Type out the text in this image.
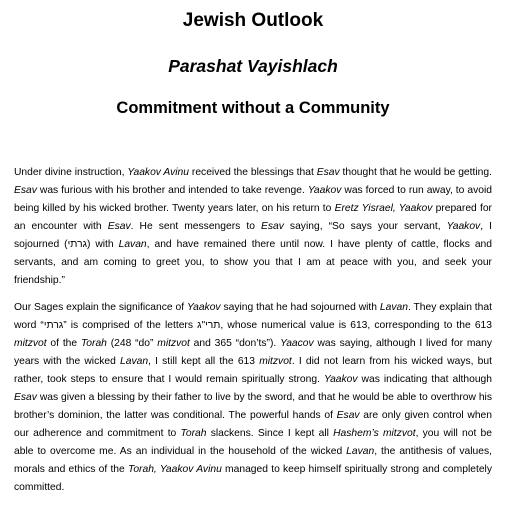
Jewish Outlook
Parashat Vayishlach
Commitment without a Community

Under divine instruction, Yaakov Avinu received the blessings that Esav thought that he would be getting. Esav was furious with his brother and intended to take revenge. Yaakov was forced to run away, to avoid being killed by his wicked brother. Twenty years later, on his return to Eretz Yisrael, Yaakov prepared for an encounter with Esav. He sent messengers to Esav saying, “So says your servant, Yaakov, I sojourned (גרתי) with Lavan, and have remained there until now. I have plenty of cattle, flocks and servants, and am coming to greet you, to show you that I am at peace with you, and seek your friendship.”

Our Sages explain the significance of Yaakov saying that he had sojourned with Lavan. They explain that word “גרתי” is comprised of the letters תרי"ג, whose numerical value is 613, corresponding to the 613 mitzvot of the Torah (248 “do” mitzvot and 365 “don’ts”). Yaacov was saying, although I lived for many years with the wicked Lavan, I still kept all the 613 mitzvot. I did not learn from his wicked ways, but rather, took steps to ensure that I would remain spiritually strong. Yaakov was indicating that although Esav was given a blessing by their father to live by the sword, and that he would be able to overthrow his brother’s dominion, the latter was conditional. The powerful hands of Esav are only given control when our adherence and commitment to Torah slackens. Since I kept all Hashem’s mitzvot, you will not be able to overcome me. As an individual in the household of the wicked Lavan, the antithesis of values, morals and ethics of the Torah, Yaakov Avinu managed to keep himself spiritually strong and completely committed.
